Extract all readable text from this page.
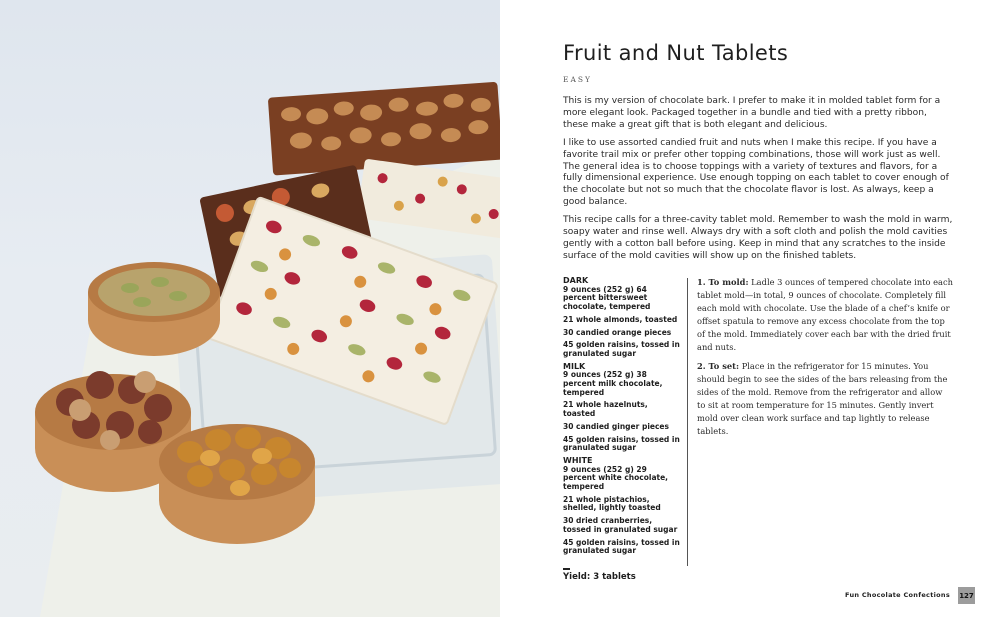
Fruit and Nut Tablets
EASY

This is my version of chocolate bark. I prefer to make it in molded tablet form for a more elegant look. Packaged together in a bundle and tied with a pretty ribbon, these make a great gift that is both elegant and delicious.

I like to use assorted candied fruit and nuts when I make this recipe. If you have a favorite trail mix or prefer other topping combinations, those will work just as well. The general idea is to choose toppings with a variety of textures and flavors, for a fully dimensional experience. Use enough topping on each tablet to cover enough of the chocolate but not so much that the chocolate flavor is lost. As always, keep a good balance.

This recipe calls for a three-cavity tablet mold. Remember to wash the mold in warm, soapy water and rinse well. Always dry with a soft cloth and polish the mold cavities gently with a cotton ball before using. Keep in mind that any scratches to the inside surface of the mold cavities will show up on the finished tablets.

DARK
9 ounces (252 g) 64 percent bittersweet chocolate, tempered
21 whole almonds, toasted
30 candied orange pieces
45 golden raisins, tossed in granulated sugar
MILK
9 ounces (252 g) 38 percent milk chocolate, tempered
21 whole hazelnuts, toasted
30 candied ginger pieces
45 golden raisins, tossed in granulated sugar
WHITE
9 ounces (252 g) 29 percent white chocolate, tempered
21 whole pistachios, shelled, lightly toasted
30 dried cranberries, tossed in granulated sugar
45 golden raisins, tossed in granulated sugar
Yield: 3 tablets

1. To mold: Ladle 3 ounces of tempered chocolate into each tablet mold—in total, 9 ounces of chocolate. Completely fill each mold with chocolate. Use the blade of a chef’s knife or offset spatula to remove any excess chocolate from the top of the mold. Immediately cover each bar with the dried fruit and nuts.

2. To set: Place in the refrigerator for 15 minutes. You should begin to see the sides of the bars releasing from the sides of the mold. Remove from the refrigerator and allow to sit at room temperature for 15 minutes. Gently invert mold over clean work surface and tap lightly to release tablets.

Fun Chocolate Confections 127
